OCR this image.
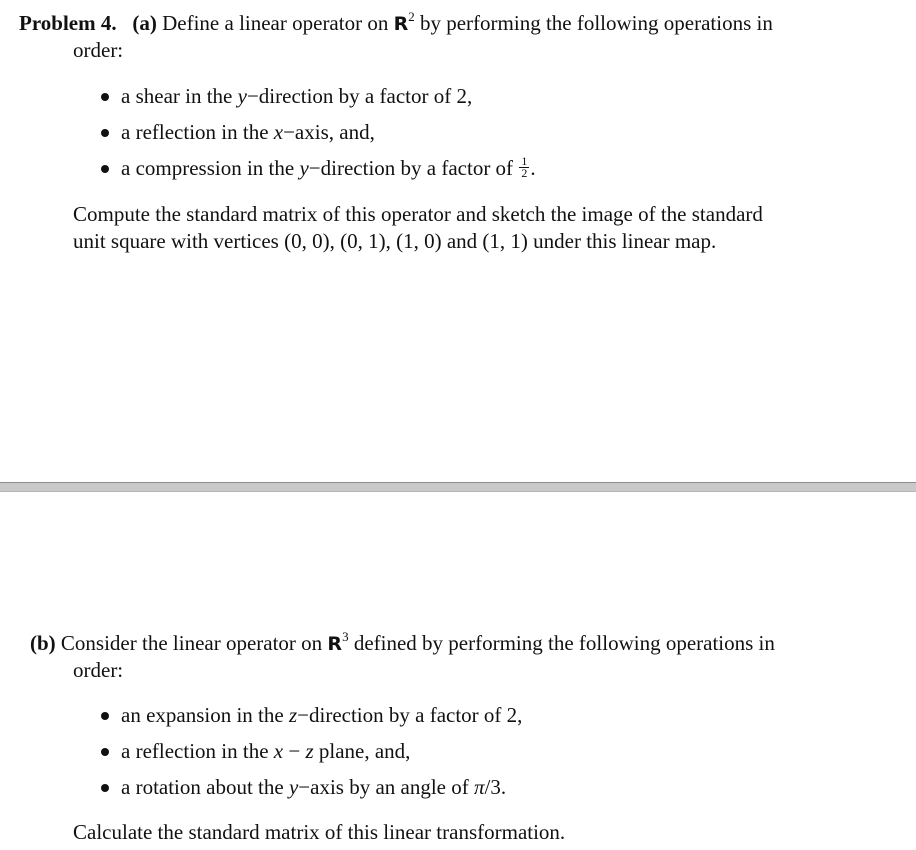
Problem 4. (a) Define a linear operator on $R^2$ by performing the following operations in
order:
a shear in the y−direction by a factor of 2,
a reflection in the x−axis, and,
a compression in the y−direction by a factor of $\frac{1}{2}$ .
Compute the standard matrix of this operator and sketch the image of the standard
unit square with vertices (0, 0), (0, 1), (1, 0) and (1, 1) under this linear map.
(b) Consider the linear operator on $R^3$ defined by performing the following operations in
order:
an expansion in the z−direction by a factor of 2,
a reflection in the x − z plane, and,
a rotation about the y−axis by an angle of π/3.
Calculate the standard matrix of this linear transformation.
